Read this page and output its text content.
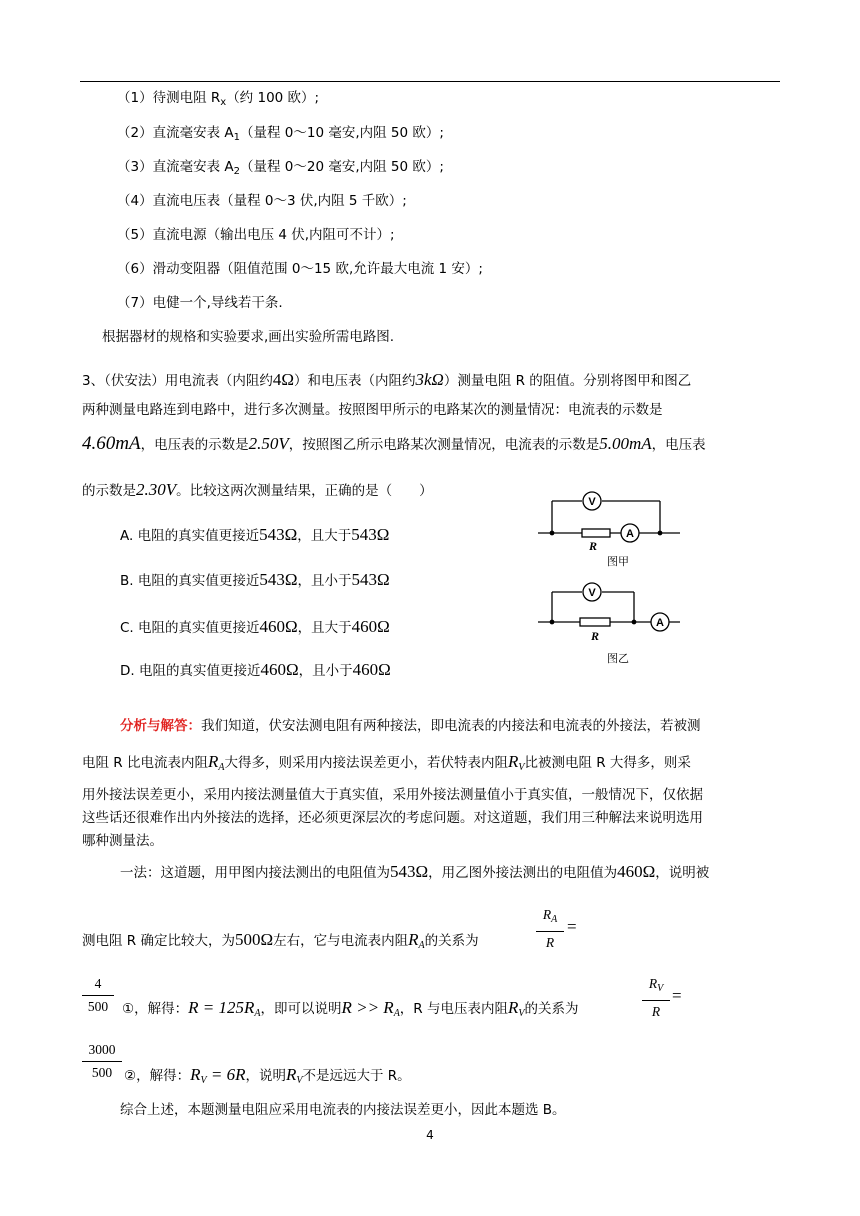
（1）待测电阻 $R_x$（约 100 欧）;
（2）直流毫安表 $A_1$（量程 0～10 毫安,内阻 50 欧）;
（3）直流毫安表 $A_2$（量程 0～20 毫安,内阻 50 欧）;
（4）直流电压表（量程 0～3 伏,内阻 5 千欧）;
（5）直流电源（输出电压 4 伏,内阻可不计）;
（6）滑动变阻器（阻值范围 0～15 欧,允许最大电流 1 安）;
（7）电健一个,导线若干条.
根据器材的规格和实验要求,画出实验所需电路图.
3、（伏安法）用电流表（内阻约4Ω）和电压表（内阻约3kΩ）测量电阻 R 的阻值。分别将图甲和图乙
两种测量电路连到电路中，进行多次测量。按照图甲所示的电路某次的测量情况：电流表的示数是
4.60mA，电压表的示数是2.50V，按照图乙所示电路某次测量情况，电流表的示数是5.00mA，电压表
的示数是2.30V。比较这两次测量结果，正确的是（　　）
A. 电阻的真实值更接近543Ω，且大于543Ω
B. 电阻的真实值更接近543Ω，且小于543Ω
C. 电阻的真实值更接近460Ω，且大于460Ω
D. 电阻的真实值更接近460Ω，且小于460Ω
V
A
R
图甲
V
A
R
图乙
分析与解答：我们知道，伏安法测电阻有两种接法，即电流表的内接法和电流表的外接法，若被测
电阻 R 比电流表内阻$R_A$大得多，则采用内接法误差更小，若伏特表内阻$R_V$比被测电阻 R 大得多，则采
用外接法误差更小，采用内接法测量值大于真实值，采用外接法测量值小于真实值，一般情况下，仅依据
这些话还很难作出内外接法的选择，还必须更深层次的考虑问题。对这道题，我们用三种解法来说明选用
哪种测量法。
一法：这道题，用甲图内接法测出的电阻值为543Ω，用乙图外接法测出的电阻值为460Ω，说明被
测电阻 R 确定比较大，为500Ω左右，它与电流表内阻$R_A$的关系为
$R_A$
R
=
4
500	①，解得：$R = 125R_A$，即可以说明$R >> R_A$，R 与电压表内阻$R_V$的关系为
$R_V$
R
=
3000
500 ②，解得：$R_V = 6R$，说明$R_V$不是远远大于 R。
综合上述，本题测量电阻应采用电流表的内接法误差更小，因此本题选 B。
4
